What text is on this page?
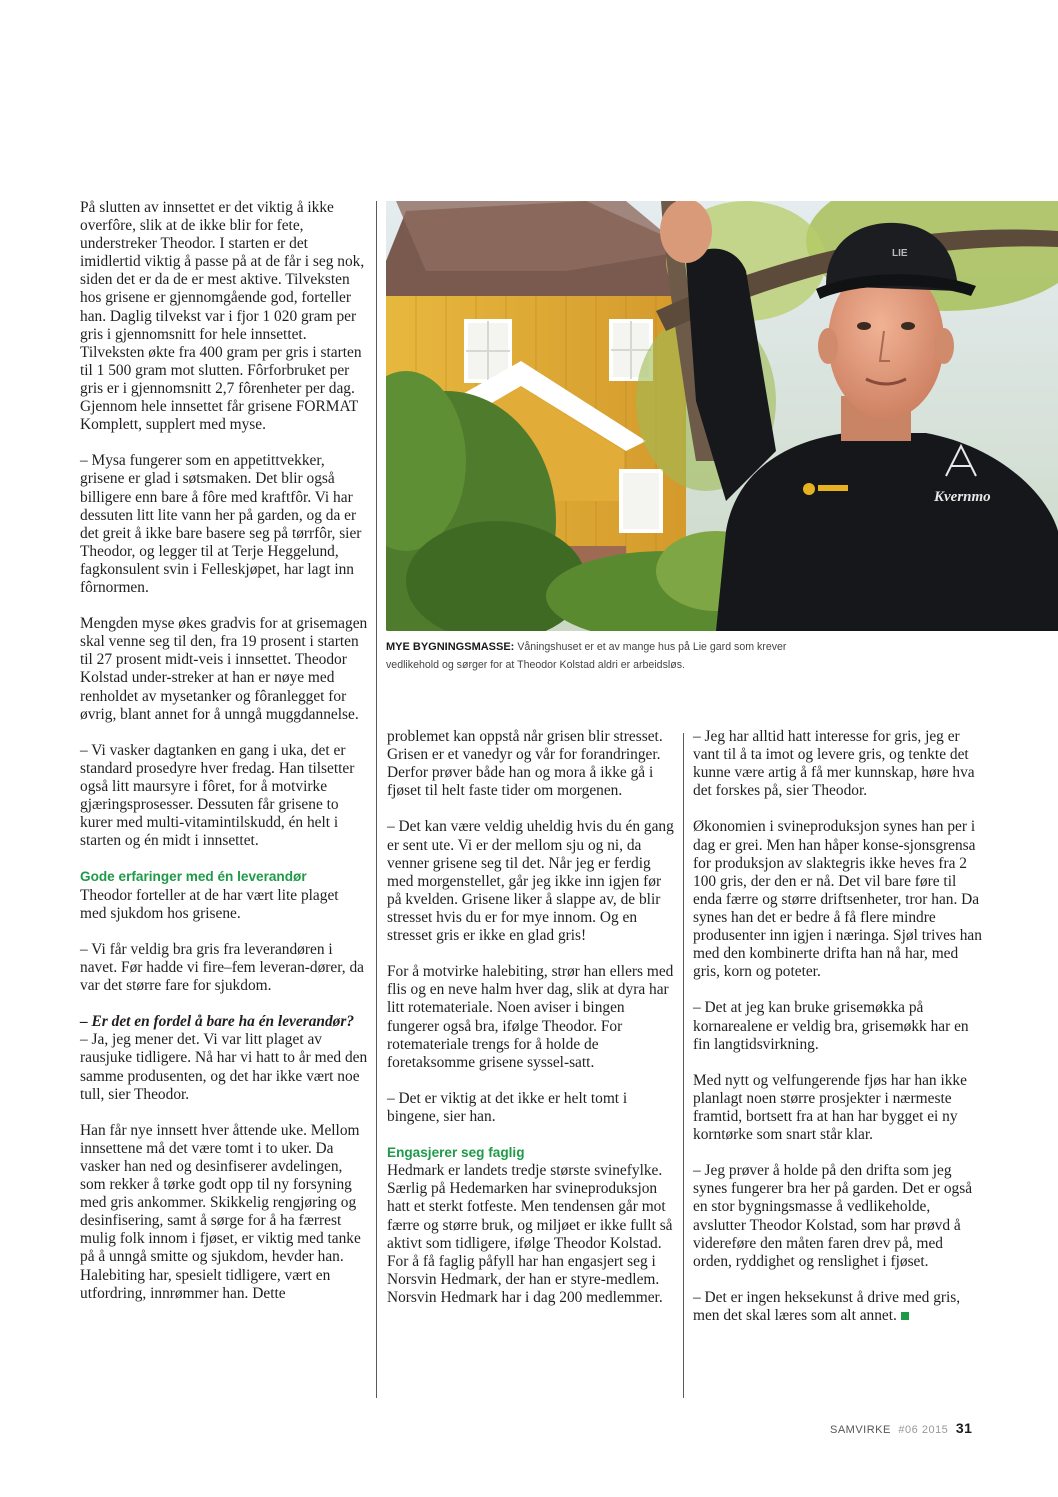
På slutten av innsettet er det viktig å ikke overfôre, slik at de ikke blir for fete, understreker Theodor. I starten er det imidlertid viktig å passe på at de får i seg nok, siden det er da de er mest aktive. Tilveksten hos grisene er gjennomgående god, forteller han. Daglig tilvekst var i fjor 1 020 gram per gris i gjennomsnitt for hele innsettet. Tilveksten økte fra 400 gram per gris i starten til 1 500 gram mot slutten. Fôrforbruket per gris er i gjennomsnitt 2,7 fôrenheter per dag. Gjennom hele innsettet får grisene FORMAT Komplett, supplert med myse.

– Mysa fungerer som en appetittvekker, grisene er glad i søtsmaken. Det blir også billigere enn bare å fôre med kraftfôr. Vi har dessuten litt lite vann her på garden, og da er det greit å ikke bare basere seg på tørrfôr, sier Theodor, og legger til at Terje Heggelund, fagkonsulent svin i Felleskjøpet, har lagt inn fôrnormen.

Mengden myse økes gradvis for at grisemagen skal venne seg til den, fra 19 prosent i starten til 27 prosent midt-veis i innsettet. Theodor Kolstad under-streker at han er nøye med renholdet av mysetanker og fôranlegget for øvrig, blant annet for å unngå muggdannelse.

– Vi vasker dagtanken en gang i uka, det er standard prosedyre hver fredag. Han tilsetter også litt maursyre i fôret, for å motvirke gjæringsprosesser. Dessuten får grisene to kurer med multi-vitamintilskudd, én helt i starten og én midt i innsettet.

Gode erfaringer med én leverandør
Theodor forteller at de har vært lite plaget med sjukdom hos grisene.

– Vi får veldig bra gris fra leverandøren i navet. Før hadde vi fire–fem leveran-dører, da var det større fare for sjukdom.

– Er det en fordel å bare ha én leverandør?
– Ja, jeg mener det. Vi var litt plaget av rausjuke tidligere. Nå har vi hatt to år med den samme produsenten, og det har ikke vært noe tull, sier Theodor.

Han får nye innsett hver åttende uke. Mellom innsettene må det være tomt i to uker. Da vasker han ned og desinfiserer avdelingen, som rekker å tørke godt opp til ny forsyning med gris ankommer. Skikkelig rengjøring og desinfisering, samt å sørge for å ha færrest mulig folk innom i fjøset, er viktig med tanke på å unngå smitte og sjukdom, hevder han. Halebiting har, spesielt tidligere, vært en utfordring, innrømmer han. Dette

LIE
Kvernmo
MYE BYGNINGSMASSE: Våningshuset er et av mange hus på Lie gard som krever vedlikehold og sørger for at Theodor Kolstad aldri er arbeidsløs.

problemet kan oppstå når grisen blir stresset. Grisen er et vanedyr og vår for forandringer. Derfor prøver både han og mora å ikke gå i fjøset til helt faste tider om morgenen.

– Det kan være veldig uheldig hvis du én gang er sent ute. Vi er der mellom sju og ni, da venner grisene seg til det. Når jeg er ferdig med morgenstellet, går jeg ikke inn igjen før på kvelden. Grisene liker å slappe av, de blir stresset hvis du er for mye innom. Og en stresset gris er ikke en glad gris!

For å motvirke halebiting, strør han ellers med flis og en neve halm hver dag, slik at dyra har litt rotemateriale. Noen aviser i bingen fungerer også bra, ifølge Theodor. For rotemateriale trengs for å holde de foretaksomme grisene syssel-satt.

– Det er viktig at det ikke er helt tomt i bingene, sier han.

Engasjerer seg faglig
Hedmark er landets tredje største svinefylke. Særlig på Hedemarken har svineproduksjon hatt et sterkt fotfeste. Men tendensen går mot færre og større bruk, og miljøet er ikke fullt så aktivt som tidligere, ifølge Theodor Kolstad. For å få faglig påfyll har han engasjert seg i Norsvin Hedmark, der han er styre-medlem. Norsvin Hedmark har i dag 200 medlemmer.

– Jeg har alltid hatt interesse for gris, jeg er vant til å ta imot og levere gris, og tenkte det kunne være artig å få mer kunnskap, høre hva det forskes på, sier Theodor.

Økonomien i svineproduksjon synes han per i dag er grei. Men han håper konse-sjonsgrensa for produksjon av slaktegris ikke heves fra 2 100 gris, der den er nå. Det vil bare føre til enda færre og større driftsenheter, tror han. Da synes han det er bedre å få flere mindre produsenter inn igjen i næringa. Sjøl trives han med den kombinerte drifta han nå har, med gris, korn og poteter.

– Det at jeg kan bruke grisemøkka på kornarealene er veldig bra, grisemøkk har en fin langtidsvirkning.

Med nytt og velfungerende fjøs har han ikke planlagt noen større prosjekter i nærmeste framtid, bortsett fra at han har bygget ei ny korntørke som snart står klar.

– Jeg prøver å holde på den drifta som jeg synes fungerer bra her på garden. Det er også en stor bygningsmasse å vedlikeholde, avslutter Theodor Kolstad, som har prøvd å videreføre den måten faren drev på, med orden, ryddighet og renslighet i fjøset.

– Det er ingen heksekunst å drive med gris, men det skal læres som alt annet.

SAMVIRKE #06 2015 31
